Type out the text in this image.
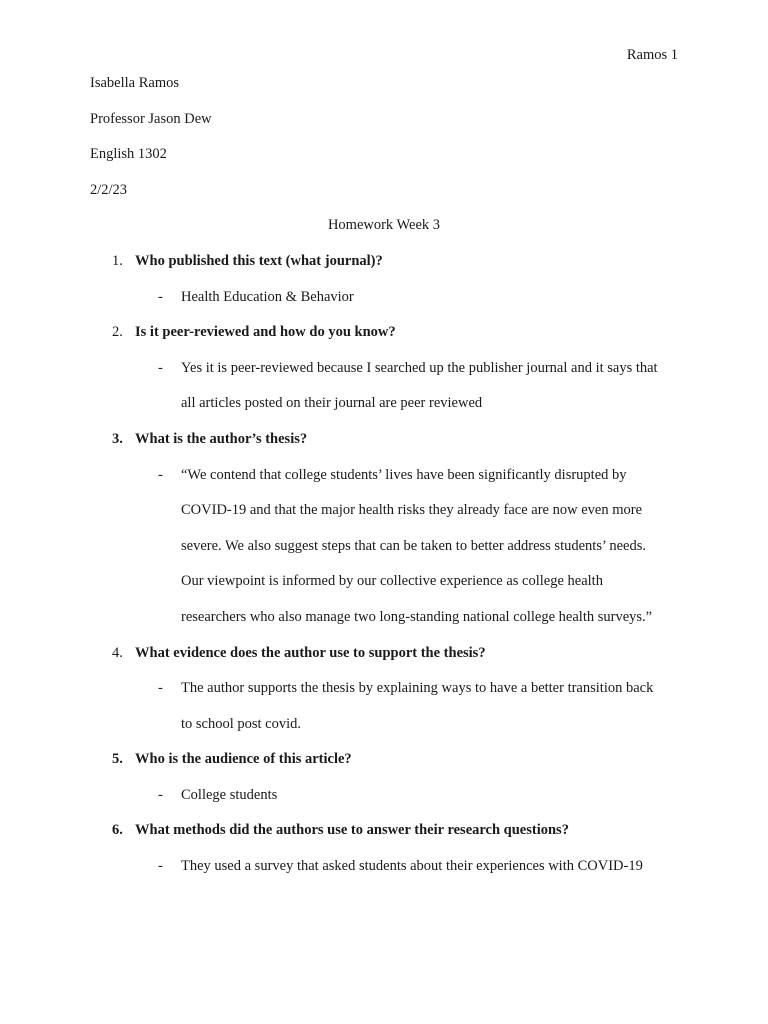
Ramos 1
Isabella Ramos
Professor Jason Dew
English 1302
2/2/23
Homework Week 3
1. Who published this text (what journal)?
- Health Education & Behavior
2. Is it peer-reviewed and how do you know?
- Yes it is peer-reviewed because I searched up the publisher journal and it says that
all articles posted on their journal are peer reviewed
3. What is the author’s thesis?
- “We contend that college students’ lives have been significantly disrupted by
COVID-19 and that the major health risks they already face are now even more
severe. We also suggest steps that can be taken to better address students’ needs.
Our viewpoint is informed by our collective experience as college health
researchers who also manage two long-standing national college health surveys.”
4. What evidence does the author use to support the thesis?
- The author supports the thesis by explaining ways to have a better transition back
to school post covid.
5. Who is the audience of this article?
- College students
6. What methods did the authors use to answer their research questions?
- They used a survey that asked students about their experiences with COVID-19
